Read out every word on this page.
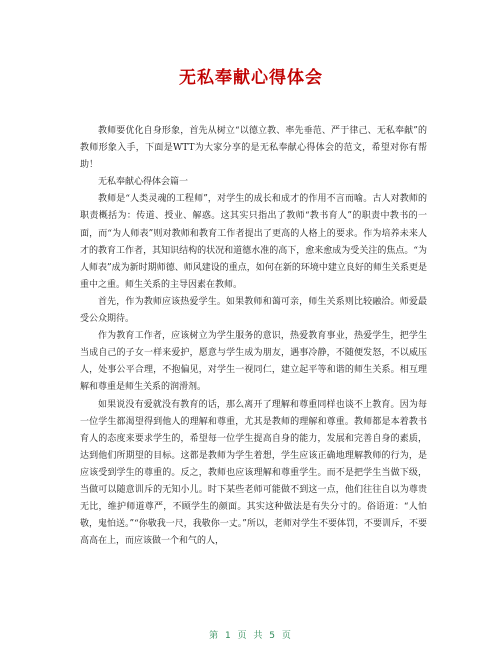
无私奉献心得体会

教师要优化自身形象，首先从树立“以德立教、率先垂范、严于律己、无私奉献”的教师形象入手，下面是WTT为大家分享的是无私奉献心得体会的范文，希望对你有帮助！

无私奉献心得体会篇一

教师是“人类灵魂的工程师”，对学生的成长和成才的作用不言而喻。古人对教师的职责概括为：传道、授业、解惑。这其实只指出了教师“教书育人”的职责中教书的一面，而“为人师表”则对教师和教育工作者提出了更高的人格上的要求。作为培养未来人才的教育工作者，其知识结构的状况和道德水准的高下，愈来愈成为受关注的焦点。“为人师表”成为新时期师德、师风建设的重点，如何在新的环境中建立良好的师生关系更是重中之重。师生关系的主导因素在教师。

首先，作为教师应该热爱学生。如果教师和蔼可亲，师生关系则比较融洽。师爱最受公众期待。

作为教育工作者，应该树立为学生服务的意识，热爱教育事业，热爱学生，把学生当成自己的子女一样来爱护，愿意与学生成为朋友，遇事冷静，不随便发怒，不以威压人，处事公平合理，不抱偏见，对学生一视同仁，建立起平等和谐的师生关系。相互理解和尊重是师生关系的润滑剂。

如果说没有爱就没有教育的话，那么离开了理解和尊重同样也谈不上教育。因为每一位学生都渴望得到他人的理解和尊重，尤其是教师的理解和尊重。教师都是本着教书育人的态度来要求学生的，希望每一位学生提高自身的能力，发展和完善自身的素质，达到他们所期望的目标。这都是教师为学生着想，学生应该正确地理解教师的行为，是应该受到学生的尊重的。反之，教师也应该理解和尊重学生。而不是把学生当做下级，当做可以随意训斥的无知小儿。时下某些老师可能做不到这一点，他们往往自以为尊贵无比，维护师道尊严，不顾学生的颜面。其实这种做法是有失分寸的。俗语道：“人怕敬，鬼怕送。”“你敬我一尺，我敬你一丈。”所以，老师对学生不要体罚，不要训斥，不要高高在上，而应该做一个和气的人，

第 1 页 共 5 页
